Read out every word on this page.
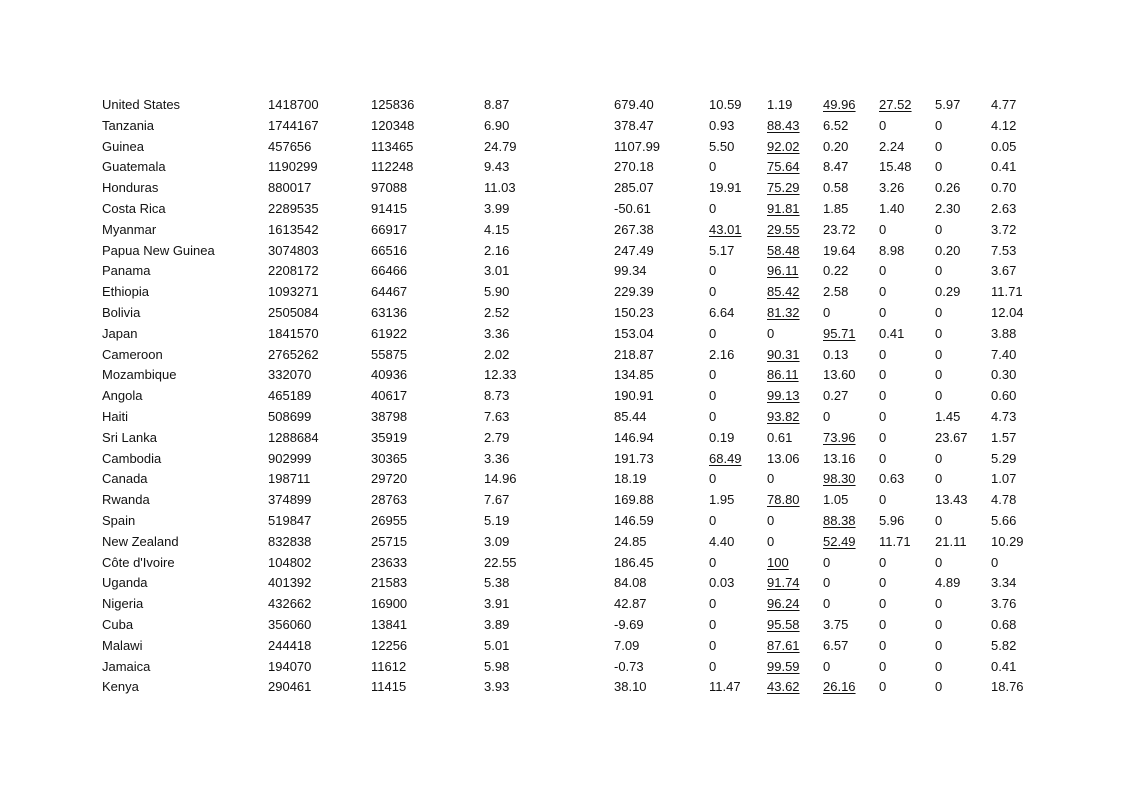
United States	1418700	125836	8.87	679.40	10.59	1.19	49.96	27.52	5.97	4.77
Tanzania	1744167	120348	6.90	378.47	0.93	88.43	6.52	0	0	4.12
Guinea	457656	113465	24.79	1107.99	5.50	92.02	0.20	2.24	0	0.05
Guatemala	1190299	112248	9.43	270.18	0	75.64	8.47	15.48	0	0.41
Honduras	880017	97088	11.03	285.07	19.91	75.29	0.58	3.26	0.26	0.70
Costa Rica	2289535	91415	3.99	-50.61	0	91.81	1.85	1.40	2.30	2.63
Myanmar	1613542	66917	4.15	267.38	43.01	29.55	23.72	0	0	3.72
Papua New Guinea	3074803	66516	2.16	247.49	5.17	58.48	19.64	8.98	0.20	7.53
Panama	2208172	66466	3.01	99.34	0	96.11	0.22	0	0	3.67
Ethiopia	1093271	64467	5.90	229.39	0	85.42	2.58	0	0.29	11.71
Bolivia	2505084	63136	2.52	150.23	6.64	81.32	0	0	0	12.04
Japan	1841570	61922	3.36	153.04	0	0	95.71	0.41	0	3.88
Cameroon	2765262	55875	2.02	218.87	2.16	90.31	0.13	0	0	7.40
Mozambique	332070	40936	12.33	134.85	0	86.11	13.60	0	0	0.30
Angola	465189	40617	8.73	190.91	0	99.13	0.27	0	0	0.60
Haiti	508699	38798	7.63	85.44	0	93.82	0	0	1.45	4.73
Sri Lanka	1288684	35919	2.79	146.94	0.19	0.61	73.96	0	23.67	1.57
Cambodia	902999	30365	3.36	191.73	68.49	13.06	13.16	0	0	5.29
Canada	198711	29720	14.96	18.19	0	0	98.30	0.63	0	1.07
Rwanda	374899	28763	7.67	169.88	1.95	78.80	1.05	0	13.43	4.78
Spain	519847	26955	5.19	146.59	0	0	88.38	5.96	0	5.66
New Zealand	832838	25715	3.09	24.85	4.40	0	52.49	11.71	21.11	10.29
Côte d'Ivoire	104802	23633	22.55	186.45	0	100	0	0	0	0
Uganda	401392	21583	5.38	84.08	0.03	91.74	0	0	4.89	3.34
Nigeria	432662	16900	3.91	42.87	0	96.24	0	0	0	3.76
Cuba	356060	13841	3.89	-9.69	0	95.58	3.75	0	0	0.68
Malawi	244418	12256	5.01	7.09	0	87.61	6.57	0	0	5.82
Jamaica	194070	11612	5.98	-0.73	0	99.59	0	0	0	0.41
Kenya	290461	11415	3.93	38.10	11.47	43.62	26.16	0	0	18.76
